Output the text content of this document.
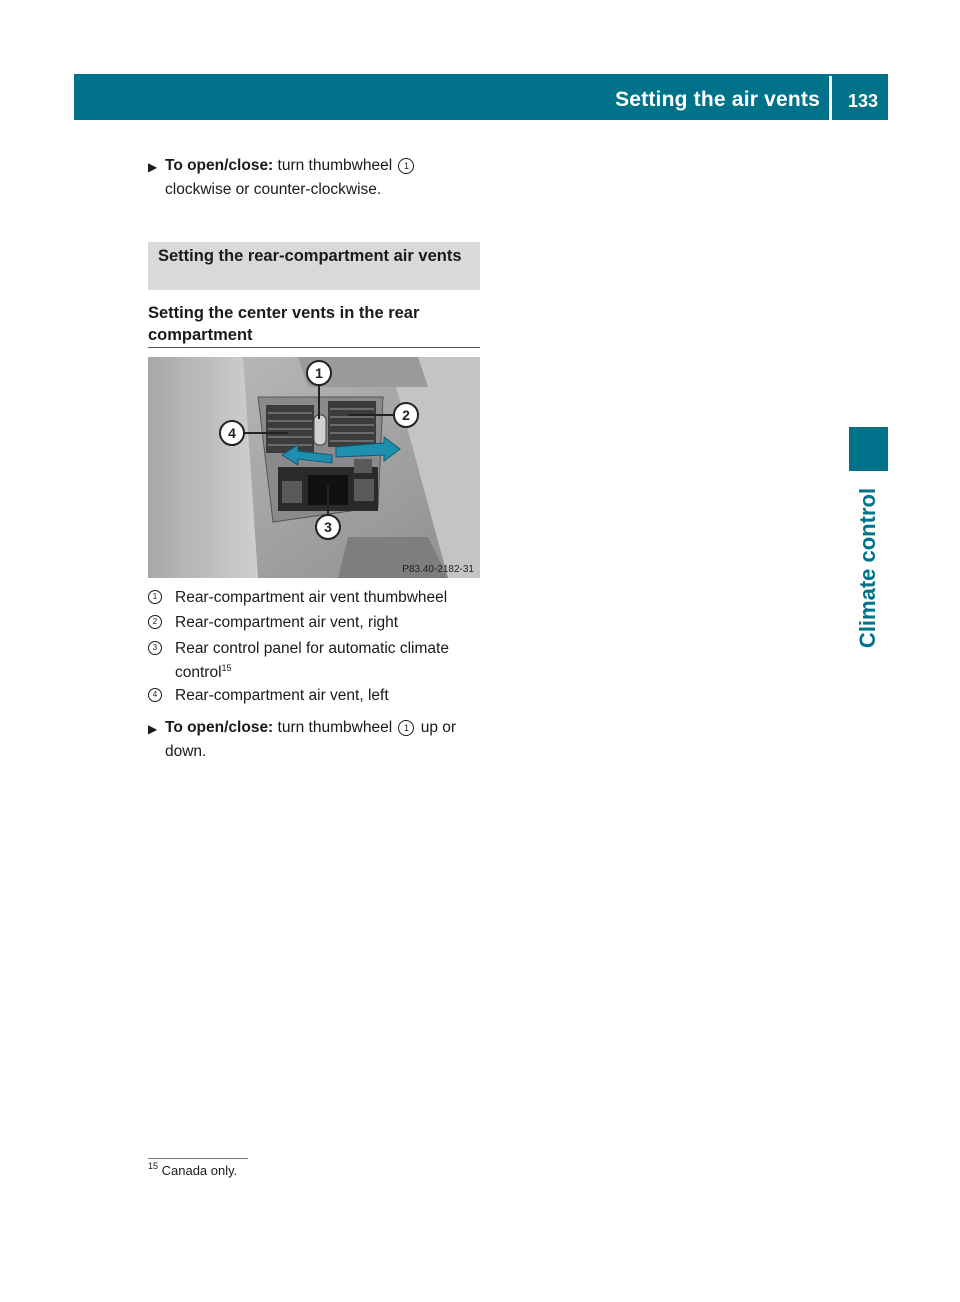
Setting the air vents 133
Climate control
▶ To open/close: turn thumbwheel 1
clockwise or counter-clockwise.
Setting the rear-compartment air vents
Setting the center vents in the rear compartment
1
2
3
4
P83.40-2182-31
1	Rear-compartment air vent thumbwheel
2	Rear-compartment air vent, right
3	Rear control panel for automatic climate control$^{15}$
4	Rear-compartment air vent, left
▶ To open/close: turn thumbwheel 1 up or down.
$^{15}$ Canada only.
